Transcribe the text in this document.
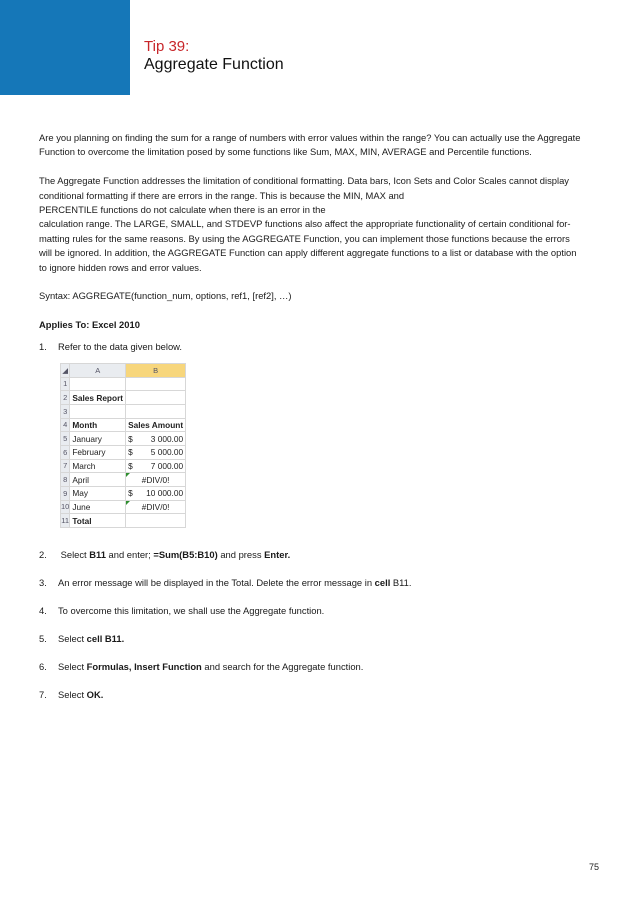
Tip 39:
Aggregate Function

Are you planning on finding the sum for a range of numbers with error values within the range? You can actually use the Aggregate Function to overcome the limitation posed by some functions like Sum, MAX, MIN, AVERAGE and Percentile functions.

The Aggregate Function addresses the limitation of conditional formatting. Data bars, Icon Sets and Color Scales cannot display

conditional formatting if there are errors in the range. This is because the MIN, MAX and

PERCENTILE functions do not calculate when there is an error in the

calculation range. The LARGE, SMALL, and STDEVP functions also affect the appropriate functionality of certain conditional for-

matting rules for the same reasons. By using the AGGREGATE Function, you can implement those functions because the errors

will be ignored. In addition, the AGGREGATE Function can apply different aggregate functions to a list or database with the option

to ignore hidden rows and error values.

Syntax: AGGREGATE(function_num, options, ref1, [ref2], …)

Applies To: Excel 2010

1. Refer to the data given below.
2. Select B11 and enter; =Sum(B5:B10) and press Enter.
3. An error message will be displayed in the Total. Delete the error message in cell B11.
4. To overcome this limitation, we shall use the Aggregate function.
5. Select cell B11.
6. Select Formulas, Insert Function and search for the Aggregate function.
7. Select OK.
◢	A	B
1		
2	Sales Report	
3		
4	Month	Sales Amount
5	January	$ 3 000.00
6	February	$ 5 000.00
7	March	$ 7 000.00
8	April	#DIV/0!
9	May	$ 10 000.00
10	June	#DIV/0!
11	Total	
75
